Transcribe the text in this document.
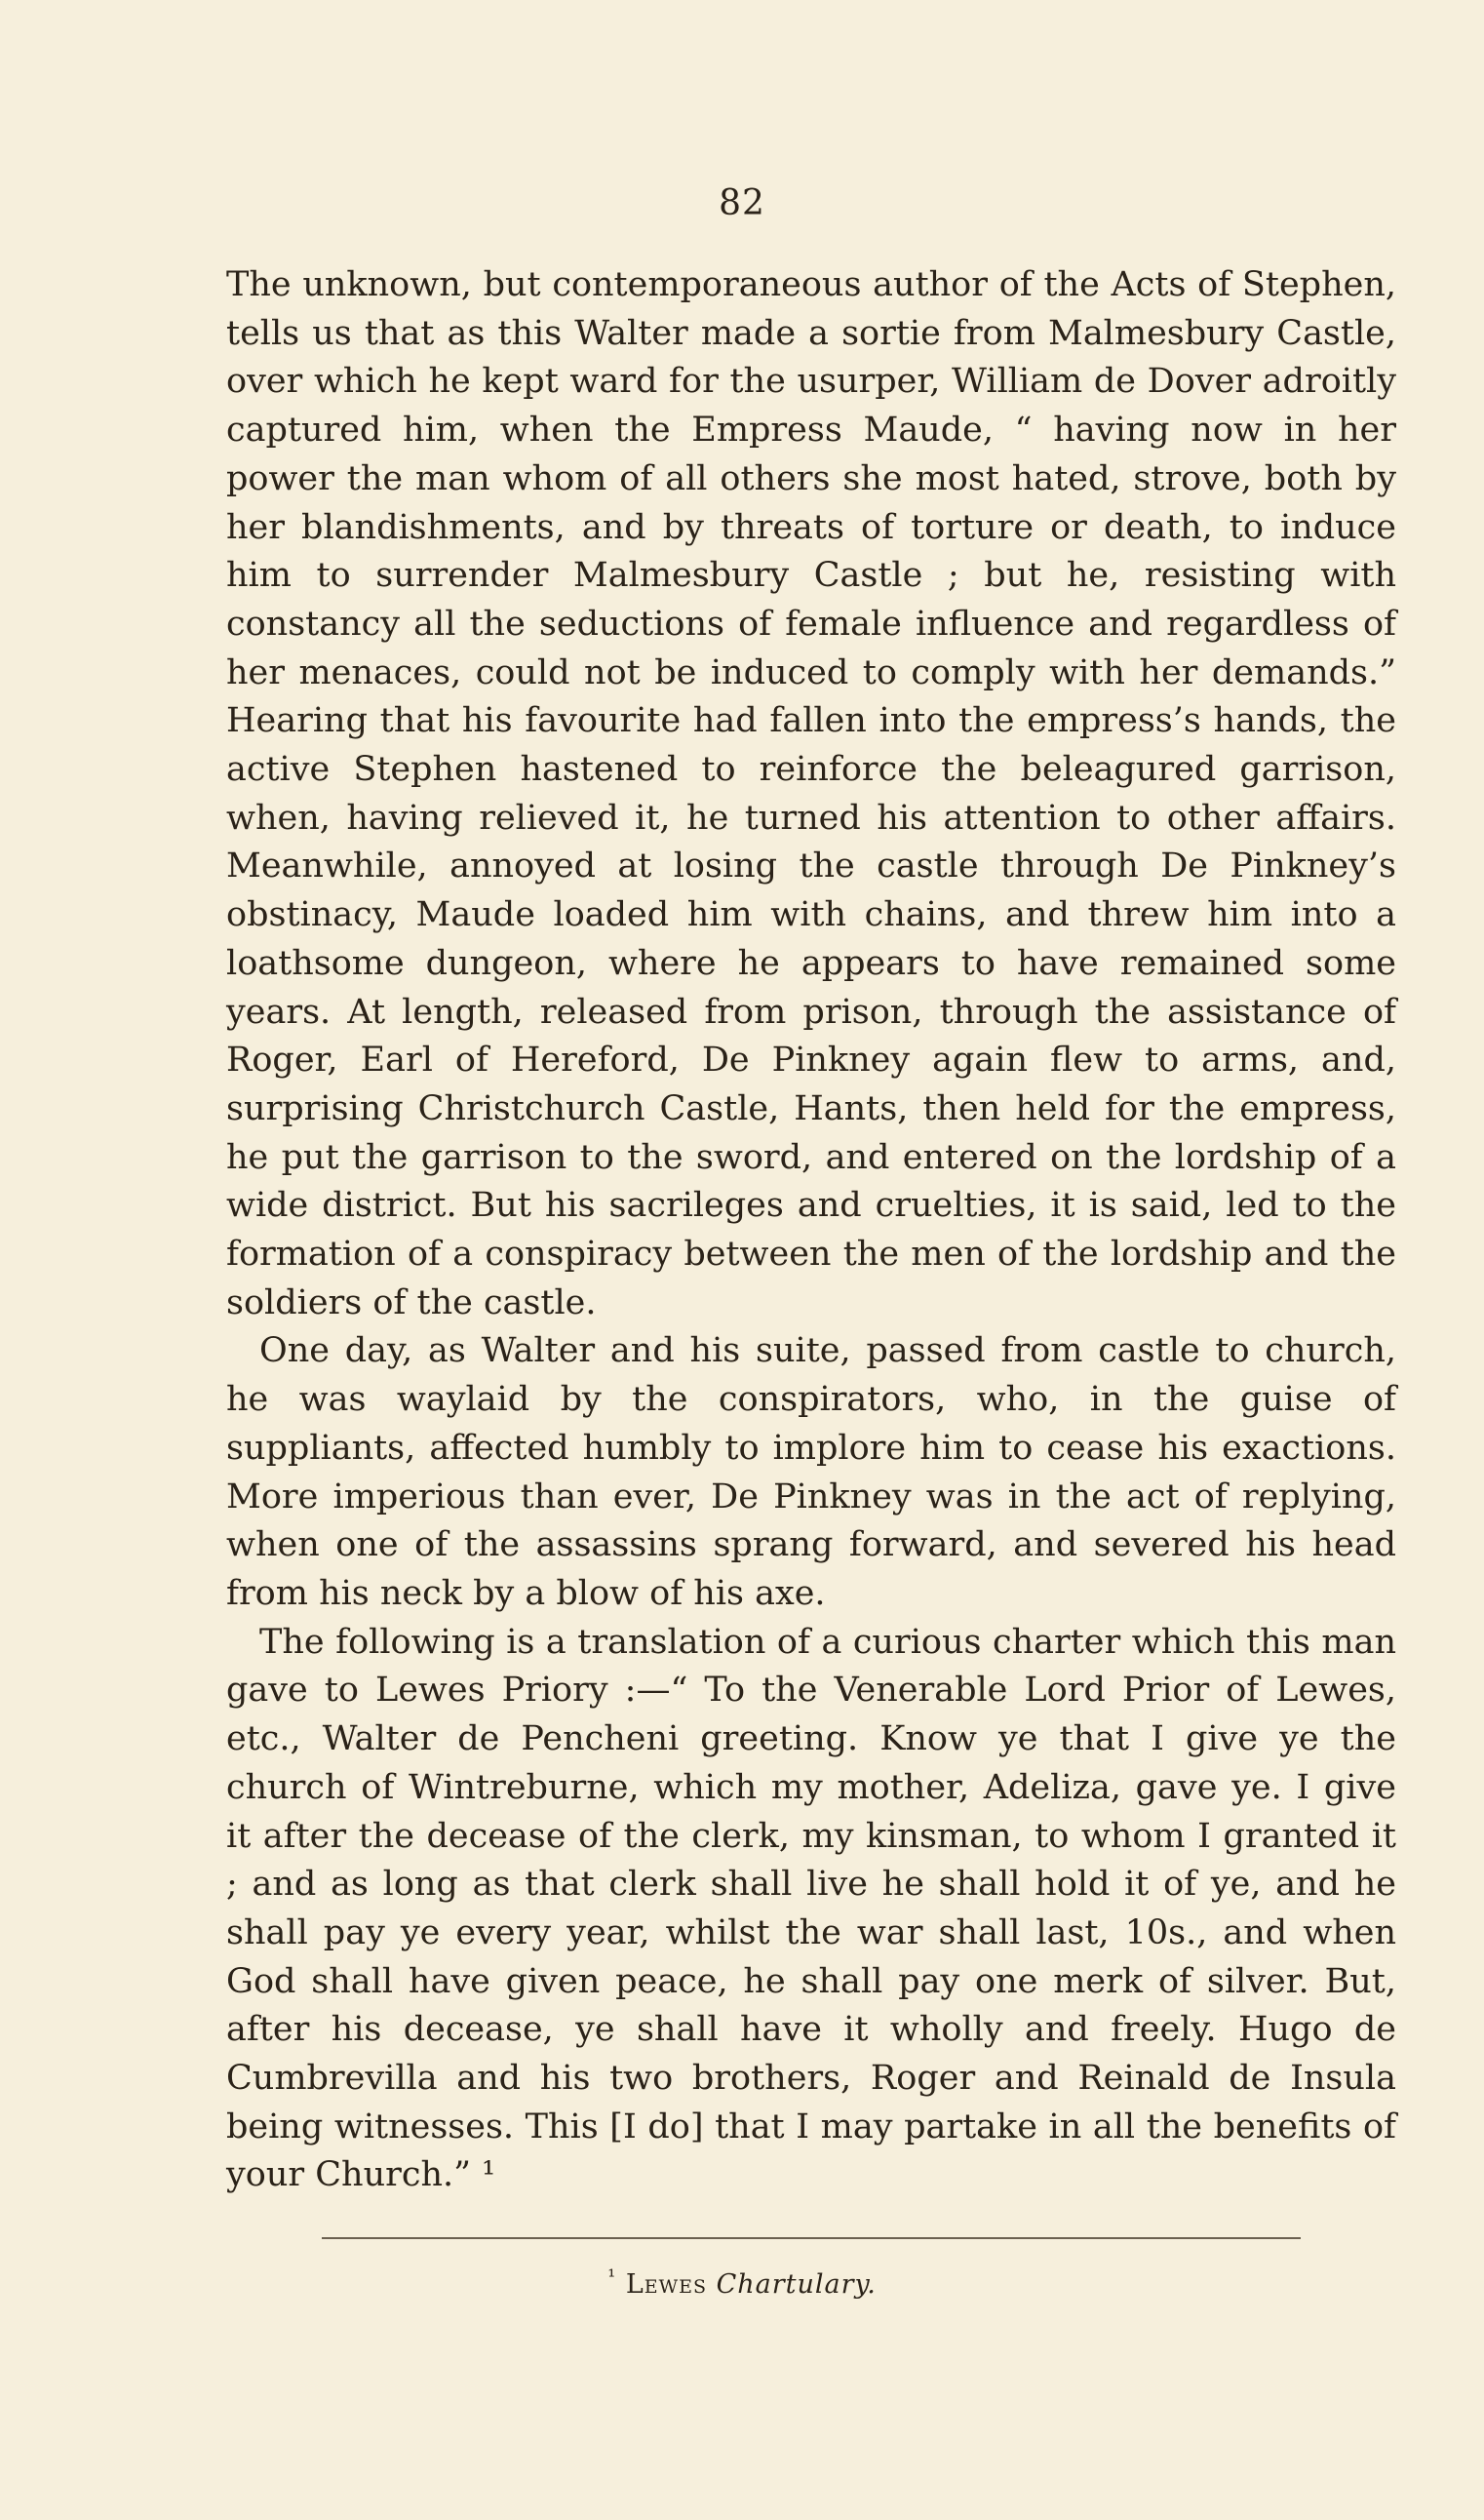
82

The unknown, but contemporaneous author of the Acts of Stephen, tells us that as this Walter made a sortie from Malmesbury Castle, over which he kept ward for the usurper, William de Dover adroitly captured him, when the Empress Maude, “ having now in her power the man whom of all others she most hated, strove, both by her blandishments, and by threats of torture or death, to induce him to surrender Malmesbury Castle ; but he, resisting with constancy all the seductions of female influence and regardless of her menaces, could not be induced to comply with her demands.” Hearing that his favourite had fallen into the empress’s hands, the active Stephen hastened to reinforce the beleagured garrison, when, having relieved it, he turned his attention to other affairs. Meanwhile, annoyed at losing the castle through De Pinkney’s obstinacy, Maude loaded him with chains, and threw him into a loathsome dungeon, where he appears to have remained some years. At length, released from prison, through the assistance of Roger, Earl of Hereford, De Pinkney again flew to arms, and, surprising Christchurch Castle, Hants, then held for the empress, he put the garrison to the sword, and entered on the lordship of a wide district. But his sacrileges and cruelties, it is said, led to the formation of a conspiracy between the men of the lordship and the soldiers of the castle.

One day, as Walter and his suite, passed from castle to church, he was waylaid by the conspirators, who, in the guise of suppliants, affected humbly to implore him to cease his exactions. More imperious than ever, De Pinkney was in the act of replying, when one of the assassins sprang forward, and severed his head from his neck by a blow of his axe.

The following is a translation of a curious charter which this man gave to Lewes Priory :—“ To the Venerable Lord Prior of Lewes, etc., Walter de Pencheni greeting. Know ye that I give ye the church of Wintreburne, which my mother, Adeliza, gave ye. I give it after the decease of the clerk, my kinsman, to whom I granted it ; and as long as that clerk shall live he shall hold it of ye, and he shall pay ye every year, whilst the war shall last, 10s., and when God shall have given peace, he shall pay one merk of silver. But, after his decease, ye shall have it wholly and freely. Hugo de Cumbrevilla and his two brothers, Roger and Reinald de Insula being witnesses. This [I do] that I may partake in all the benefits of your Church.” ¹

$^{^1}$ Lewes Chartulary.
